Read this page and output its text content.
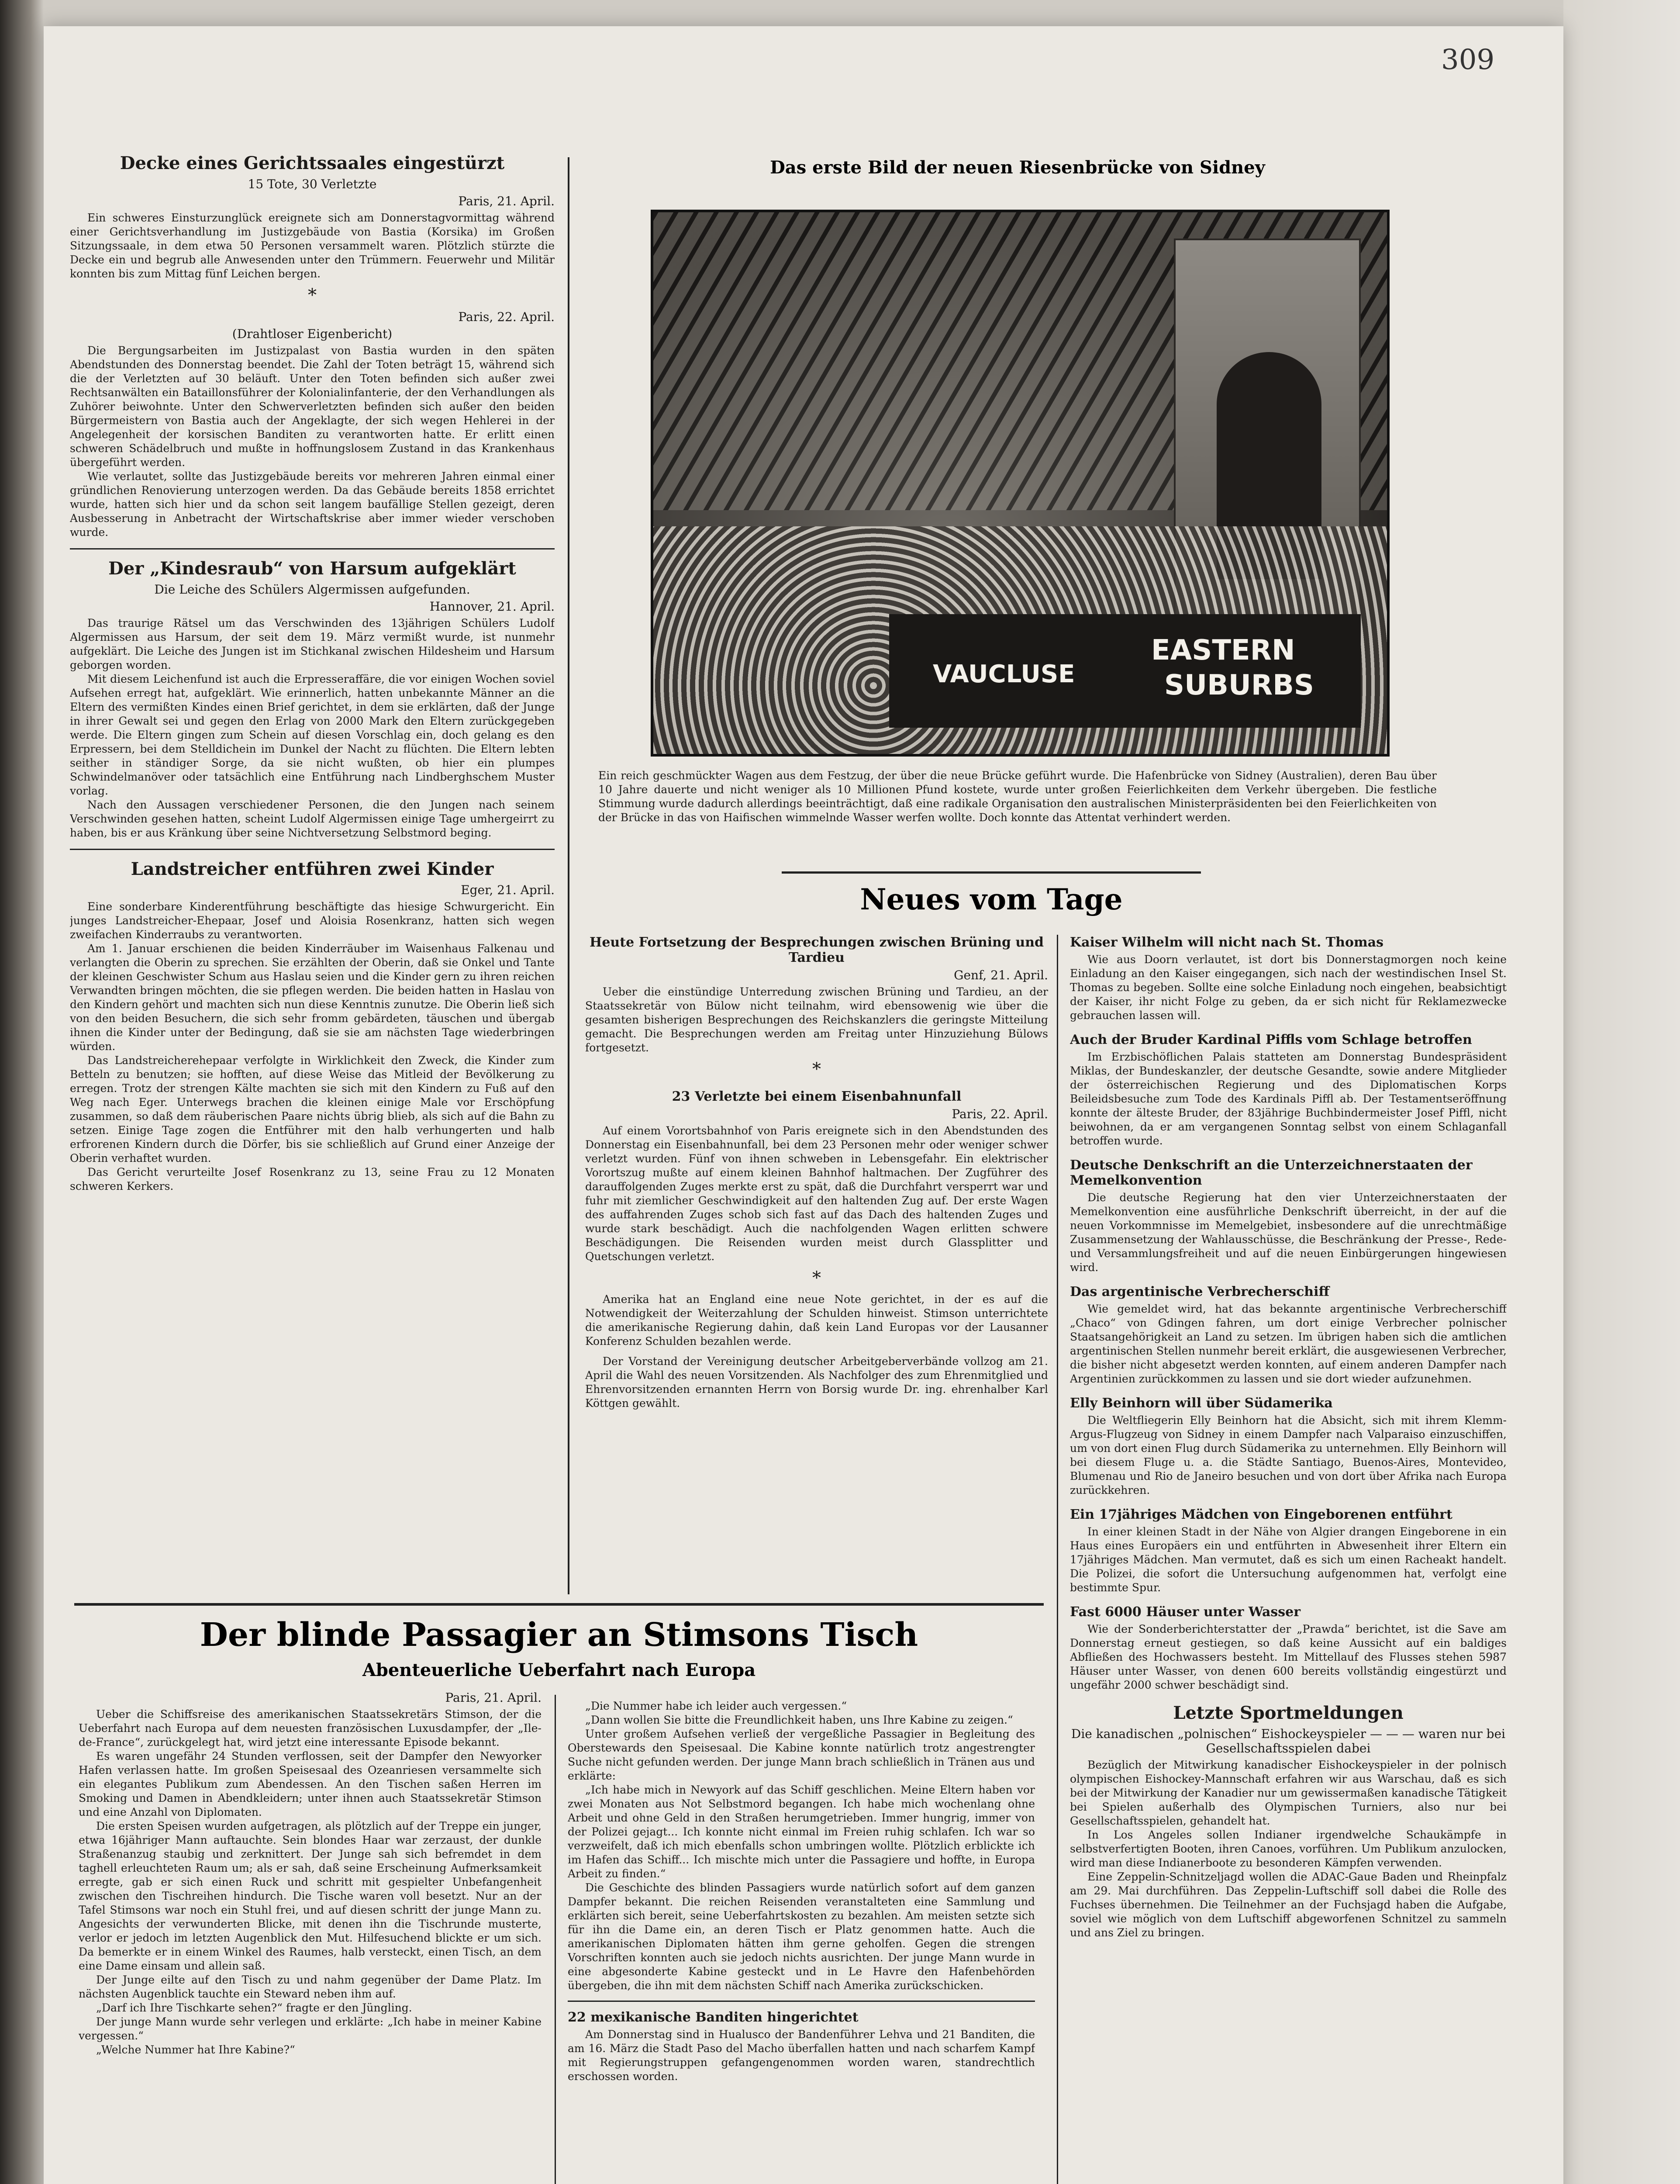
309
Decke eines Gerichtssaales eingestürzt
15 Tote, 30 Verletzte
Paris, 21. April.

Ein schweres Einsturzunglück ereignete sich am Donnerstagvormittag während einer Gerichtsverhandlung im Justizgebäude von Bastia (Korsika) im Großen Sitzungssaale, in dem etwa 50 Personen versammelt waren. Plötzlich stürzte die Decke ein und begrub alle Anwesenden unter den Trümmern. Feuerwehr und Militär konnten bis zum Mittag fünf Leichen bergen.

*
Paris, 22. April.
(Drahtloser Eigenbericht)

Die Bergungsarbeiten im Justizpalast von Bastia wurden in den späten Abendstunden des Donnerstag beendet. Die Zahl der Toten beträgt 15, während sich die der Verletzten auf 30 beläuft. Unter den Toten befinden sich außer zwei Rechtsanwälten ein Bataillonsführer der Kolonialinfanterie, der den Verhandlungen als Zuhörer beiwohnte. Unter den Schwerverletzten befinden sich außer den beiden Bürgermeistern von Bastia auch der Angeklagte, der sich wegen Hehlerei in der Angelegenheit der korsischen Banditen zu verantworten hatte. Er erlitt einen schweren Schädelbruch und mußte in hoffnungslosem Zustand in das Krankenhaus übergeführt werden.

Wie verlautet, sollte das Justizgebäude bereits vor mehreren Jahren einmal einer gründlichen Renovierung unterzogen werden. Da das Gebäude bereits 1858 errichtet wurde, hatten sich hier und da schon seit langem baufällige Stellen gezeigt, deren Ausbesserung in Anbetracht der Wirtschaftskrise aber immer wieder verschoben wurde.

Der „Kindesraub“ von Harsum aufgeklärt
Die Leiche des Schülers Algermissen aufgefunden.
Hannover, 21. April.

Das traurige Rätsel um das Verschwinden des 13jährigen Schülers Ludolf Algermissen aus Harsum, der seit dem 19. März vermißt wurde, ist nunmehr aufgeklärt. Die Leiche des Jungen ist im Stichkanal zwischen Hildesheim und Harsum geborgen worden.

Mit diesem Leichenfund ist auch die Erpresseraffäre, die vor einigen Wochen soviel Aufsehen erregt hat, aufgeklärt. Wie erinnerlich, hatten unbekannte Männer an die Eltern des vermißten Kindes einen Brief gerichtet, in dem sie erklärten, daß der Junge in ihrer Gewalt sei und gegen den Erlag von 2000 Mark den Eltern zurückgegeben werde. Die Eltern gingen zum Schein auf diesen Vorschlag ein, doch gelang es den Erpressern, bei dem Stelldichein im Dunkel der Nacht zu flüchten. Die Eltern lebten seither in ständiger Sorge, da sie nicht wußten, ob hier ein plumpes Schwindelmanöver oder tatsächlich eine Entführung nach Lindberghschem Muster vorlag.

Nach den Aussagen verschiedener Personen, die den Jungen nach seinem Verschwinden gesehen hatten, scheint Ludolf Algermissen einige Tage umhergeirrt zu haben, bis er aus Kränkung über seine Nichtversetzung Selbstmord beging.

Landstreicher entführen zwei Kinder
Eger, 21. April.

Eine sonderbare Kinderentführung beschäftigte das hiesige Schwurgericht. Ein junges Landstreicher-Ehepaar, Josef und Aloisia Rosenkranz, hatten sich wegen zweifachen Kinderraubs zu verantworten.

Am 1. Januar erschienen die beiden Kinderräuber im Waisenhaus Falkenau und verlangten die Oberin zu sprechen. Sie erzählten der Oberin, daß sie Onkel und Tante der kleinen Geschwister Schum aus Haslau seien und die Kinder gern zu ihren reichen Verwandten bringen möchten, die sie pflegen werden. Die beiden hatten in Haslau von den Kindern gehört und machten sich nun diese Kenntnis zunutze. Die Oberin ließ sich von den beiden Besuchern, die sich sehr fromm gebärdeten, täuschen und übergab ihnen die Kinder unter der Bedingung, daß sie sie am nächsten Tage wiederbringen würden.

Das Landstreicherehepaar verfolgte in Wirklichkeit den Zweck, die Kinder zum Betteln zu benutzen; sie hofften, auf diese Weise das Mitleid der Bevölkerung zu erregen. Trotz der strengen Kälte machten sie sich mit den Kindern zu Fuß auf den Weg nach Eger. Unterwegs brachen die kleinen einige Male vor Erschöpfung zusammen, so daß dem räuberischen Paare nichts übrig blieb, als sich auf die Bahn zu setzen. Einige Tage zogen die Entführer mit den halb verhungerten und halb erfrorenen Kindern durch die Dörfer, bis sie schließlich auf Grund einer Anzeige der Oberin verhaftet wurden.

Das Gericht verurteilte Josef Rosenkranz zu 13, seine Frau zu 12 Monaten schweren Kerkers.

Das erste Bild der neuen Riesenbrücke von Sidney
VAUCLUSE
EASTERN
SUBURBS
Ein reich geschmückter Wagen aus dem Festzug, der über die neue Brücke geführt wurde. Die Hafenbrücke von Sidney (Australien), deren Bau über 10 Jahre dauerte und nicht weniger als 10 Millionen Pfund kostete, wurde unter großen Feierlichkeiten dem Verkehr übergeben. Die festliche Stimmung wurde dadurch allerdings beeinträchtigt, daß eine radikale Organisation den australischen Ministerpräsidenten bei den Feierlichkeiten von der Brücke in das von Haifischen wimmelnde Wasser werfen wollte. Doch konnte das Attentat verhindert werden.
Neues vom Tage
Heute Fortsetzung der Besprechungen zwischen Brüning und Tardieu
Genf, 21. April.

Ueber die einstündige Unterredung zwischen Brüning und Tardieu, an der Staatssekretär von Bülow nicht teilnahm, wird ebensowenig wie über die gesamten bisherigen Besprechungen des Reichskanzlers die geringste Mitteilung gemacht. Die Besprechungen werden am Freitag unter Hinzuziehung Bülows fortgesetzt.

*
23 Verletzte bei einem Eisenbahnunfall
Paris, 22. April.

Auf einem Vorortsbahnhof von Paris ereignete sich in den Abendstunden des Donnerstag ein Eisenbahnunfall, bei dem 23 Personen mehr oder weniger schwer verletzt wurden. Fünf von ihnen schweben in Lebensgefahr. Ein elektrischer Vorortszug mußte auf einem kleinen Bahnhof haltmachen. Der Zugführer des darauffolgenden Zuges merkte erst zu spät, daß die Durchfahrt versperrt war und fuhr mit ziemlicher Geschwindigkeit auf den haltenden Zug auf. Der erste Wagen des auffahrenden Zuges schob sich fast auf das Dach des haltenden Zuges und wurde stark beschädigt. Auch die nachfolgenden Wagen erlitten schwere Beschädigungen. Die Reisenden wurden meist durch Glassplitter und Quetschungen verletzt.

*

Amerika hat an England eine neue Note gerichtet, in der es auf die Notwendigkeit der Weiterzahlung der Schulden hinweist. Stimson unterrichtete die amerikanische Regierung dahin, daß kein Land Europas vor der Lausanner Konferenz Schulden bezahlen werde.

Der Vorstand der Vereinigung deutscher Arbeitgeberverbände vollzog am 21. April die Wahl des neuen Vorsitzenden. Als Nachfolger des zum Ehrenmitglied und Ehrenvorsitzenden ernannten Herrn von Borsig wurde Dr. ing. ehrenhalber Karl Köttgen gewählt.

Kaiser Wilhelm will nicht nach St. Thomas

Wie aus Doorn verlautet, ist dort bis Donnerstagmorgen noch keine Einladung an den Kaiser eingegangen, sich nach der westindischen Insel St. Thomas zu begeben. Sollte eine solche Einladung noch eingehen, beabsichtigt der Kaiser, ihr nicht Folge zu geben, da er sich nicht für Reklamezwecke gebrauchen lassen will.

Auch der Bruder Kardinal Piffls vom Schlage betroffen

Im Erzbischöflichen Palais statteten am Donnerstag Bundespräsident Miklas, der Bundeskanzler, der deutsche Gesandte, sowie andere Mitglieder der österreichischen Regierung und des Diplomatischen Korps Beileidsbesuche zum Tode des Kardinals Piffl ab. Der Testamentseröffnung konnte der älteste Bruder, der 83jährige Buchbindermeister Josef Piffl, nicht beiwohnen, da er am vergangenen Sonntag selbst von einem Schlaganfall betroffen wurde.

Deutsche Denkschrift an die Unterzeichnerstaaten der Memelkonvention

Die deutsche Regierung hat den vier Unterzeichnerstaaten der Memelkonvention eine ausführliche Denkschrift überreicht, in der auf die neuen Vorkommnisse im Memelgebiet, insbesondere auf die unrechtmäßige Zusammensetzung der Wahlausschüsse, die Beschränkung der Presse-, Rede- und Versammlungsfreiheit und auf die neuen Einbürgerungen hingewiesen wird.

Das argentinische Verbrecherschiff

Wie gemeldet wird, hat das bekannte argentinische Verbrecherschiff „Chaco“ von Gdingen fahren, um dort einige Verbrecher polnischer Staatsangehörigkeit an Land zu setzen. Im übrigen haben sich die amtlichen argentinischen Stellen nunmehr bereit erklärt, die ausgewiesenen Verbrecher, die bisher nicht abgesetzt werden konnten, auf einem anderen Dampfer nach Argentinien zurückkommen zu lassen und sie dort wieder aufzunehmen.

Elly Beinhorn will über Südamerika

Die Weltfliegerin Elly Beinhorn hat die Absicht, sich mit ihrem Klemm-Argus-Flugzeug von Sidney in einem Dampfer nach Valparaiso einzuschiffen, um von dort einen Flug durch Südamerika zu unternehmen. Elly Beinhorn will bei diesem Fluge u. a. die Städte Santiago, Buenos-Aires, Montevideo, Blumenau und Rio de Janeiro besuchen und von dort über Afrika nach Europa zurückkehren.

Ein 17jähriges Mädchen von Eingeborenen entführt

In einer kleinen Stadt in der Nähe von Algier drangen Eingeborene in ein Haus eines Europäers ein und entführten in Abwesenheit ihrer Eltern ein 17jähriges Mädchen. Man vermutet, daß es sich um einen Racheakt handelt. Die Polizei, die sofort die Untersuchung aufgenommen hat, verfolgt eine bestimmte Spur.

Fast 6000 Häuser unter Wasser

Wie der Sonderberichterstatter der „Prawda“ berichtet, ist die Save am Donnerstag erneut gestiegen, so daß keine Aussicht auf ein baldiges Abfließen des Hochwassers besteht. Im Mittellauf des Flusses stehen 5987 Häuser unter Wasser, von denen 600 bereits vollständig eingestürzt und ungefähr 2000 schwer beschädigt sind.

Letzte Sportmeldungen
Die kanadischen „polnischen“ Eishockeyspieler — — — waren nur bei Gesellschaftsspielen dabei

Bezüglich der Mitwirkung kanadischer Eishockeyspieler in der polnisch olympischen Eishockey-Mannschaft erfahren wir aus Warschau, daß es sich bei der Mitwirkung der Kanadier nur um gewissermaßen kanadische Tätigkeit bei Spielen außerhalb des Olympischen Turniers, also nur bei Gesellschaftsspielen, gehandelt hat.

In Los Angeles sollen Indianer irgendwelche Schaukämpfe in selbstverfertigten Booten, ihren Canoes, vorführen. Um Publikum anzulocken, wird man diese Indianerboote zu besonderen Kämpfen verwenden.

Eine Zeppelin-Schnitzeljagd wollen die ADAC-Gaue Baden und Rheinpfalz am 29. Mai durchführen. Das Zeppelin-Luftschiff soll dabei die Rolle des Fuchses übernehmen. Die Teilnehmer an der Fuchsjagd haben die Aufgabe, soviel wie möglich von dem Luftschiff abgeworfenen Schnitzel zu sammeln und ans Ziel zu bringen.

Der blinde Passagier an Stimsons Tisch
Abenteuerliche Ueberfahrt nach Europa
Paris, 21. April.

Ueber die Schiffsreise des amerikanischen Staatssekretärs Stimson, der die Ueberfahrt nach Europa auf dem neuesten französischen Luxusdampfer, der „Ile-de-France“, zurückgelegt hat, wird jetzt eine interessante Episode bekannt.

Es waren ungefähr 24 Stunden verflossen, seit der Dampfer den Newyorker Hafen verlassen hatte. Im großen Speisesaal des Ozeanriesen versammelte sich ein elegantes Publikum zum Abendessen. An den Tischen saßen Herren im Smoking und Damen in Abendkleidern; unter ihnen auch Staatssekretär Stimson und eine Anzahl von Diplomaten.

Die ersten Speisen wurden aufgetragen, als plötzlich auf der Treppe ein junger, etwa 16jähriger Mann auftauchte. Sein blondes Haar war zerzaust, der dunkle Straßenanzug staubig und zerknittert. Der Junge sah sich befremdet in dem taghell erleuchteten Raum um; als er sah, daß seine Erscheinung Aufmerksamkeit erregte, gab er sich einen Ruck und schritt mit gespielter Unbefangenheit zwischen den Tischreihen hindurch. Die Tische waren voll besetzt. Nur an der Tafel Stimsons war noch ein Stuhl frei, und auf diesen schritt der junge Mann zu. Angesichts der verwunderten Blicke, mit denen ihn die Tischrunde musterte, verlor er jedoch im letzten Augenblick den Mut. Hilfesuchend blickte er um sich. Da bemerkte er in einem Winkel des Raumes, halb versteckt, einen Tisch, an dem eine Dame einsam und allein saß.

Der Junge eilte auf den Tisch zu und nahm gegenüber der Dame Platz. Im nächsten Augenblick tauchte ein Steward neben ihm auf.

„Darf ich Ihre Tischkarte sehen?“ fragte er den Jüngling.

Der junge Mann wurde sehr verlegen und erklärte: „Ich habe in meiner Kabine vergessen.“

„Welche Nummer hat Ihre Kabine?“

„Die Nummer habe ich leider auch vergessen.“

„Dann wollen Sie bitte die Freundlichkeit haben, uns Ihre Kabine zu zeigen.“

Unter großem Aufsehen verließ der vergeßliche Passagier in Begleitung des Oberstewards den Speisesaal. Die Kabine konnte natürlich trotz angestrengter Suche nicht gefunden werden. Der junge Mann brach schließlich in Tränen aus und erklärte:

„Ich habe mich in Newyork auf das Schiff geschlichen. Meine Eltern haben vor zwei Monaten aus Not Selbstmord begangen. Ich habe mich wochenlang ohne Arbeit und ohne Geld in den Straßen herumgetrieben. Immer hungrig, immer von der Polizei gejagt... Ich konnte nicht einmal im Freien ruhig schlafen. Ich war so verzweifelt, daß ich mich ebenfalls schon umbringen wollte. Plötzlich erblickte ich im Hafen das Schiff... Ich mischte mich unter die Passagiere und hoffte, in Europa Arbeit zu finden.“

Die Geschichte des blinden Passagiers wurde natürlich sofort auf dem ganzen Dampfer bekannt. Die reichen Reisenden veranstalteten eine Sammlung und erklärten sich bereit, seine Ueberfahrtskosten zu bezahlen. Am meisten setzte sich für ihn die Dame ein, an deren Tisch er Platz genommen hatte. Auch die amerikanischen Diplomaten hätten ihm gerne geholfen. Gegen die strengen Vorschriften konnten auch sie jedoch nichts ausrichten. Der junge Mann wurde in eine abgesonderte Kabine gesteckt und in Le Havre den Hafenbehörden übergeben, die ihn mit dem nächsten Schiff nach Amerika zurückschicken.

22 mexikanische Banditen hingerichtet

Am Donnerstag sind in Hualusco der Bandenführer Lehva und 21 Banditen, die am 16. März die Stadt Paso del Macho überfallen hatten und nach scharfem Kampf mit Regierungstruppen gefangengenommen worden waren, standrechtlich erschossen worden.
